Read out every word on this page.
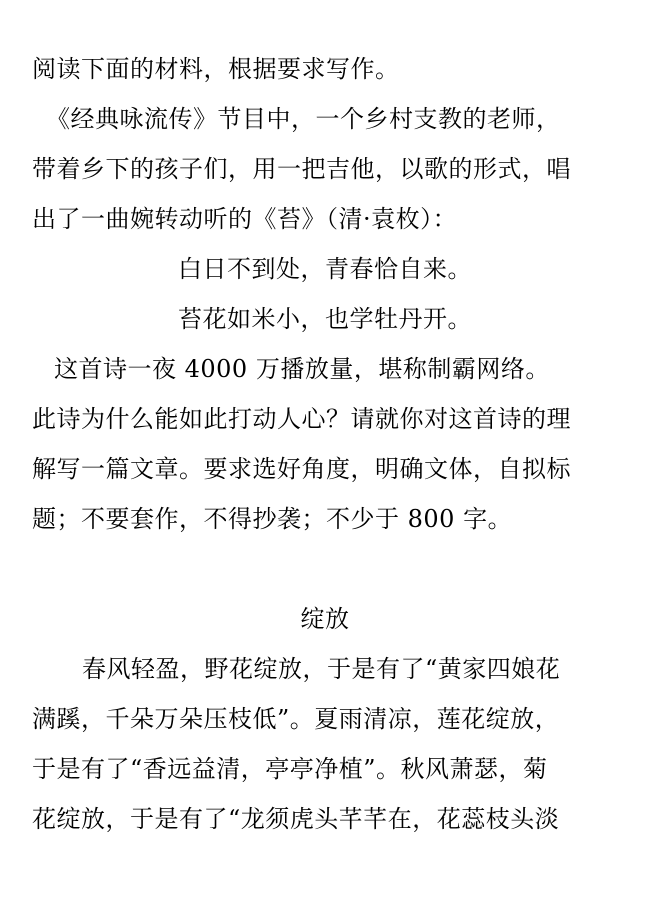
阅读下面的材料，根据要求写作。
《经典咏流传》节目中，一个乡村支教的老师，
带着乡下的孩子们，用一把吉他，以歌的形式，唱
出了一曲婉转动听的《苔》（清·袁枚）：
白日不到处，青春恰自来。
苔花如米小，也学牡丹开。
这首诗一夜 4000 万播放量，堪称制霸网络。
此诗为什么能如此打动人心？请就你对这首诗的理
解写一篇文章。要求选好角度，明确文体，自拟标
题；不要套作，不得抄袭；不少于 800 字。
绽放
春风轻盈，野花绽放，于是有了“黄家四娘花
满蹊，千朵万朵压枝低”。夏雨清凉，莲花绽放，
于是有了“香远益清，亭亭净植”。秋风萧瑟，菊
花绽放，于是有了“龙须虎头芊芊在，花蕊枝头淡
